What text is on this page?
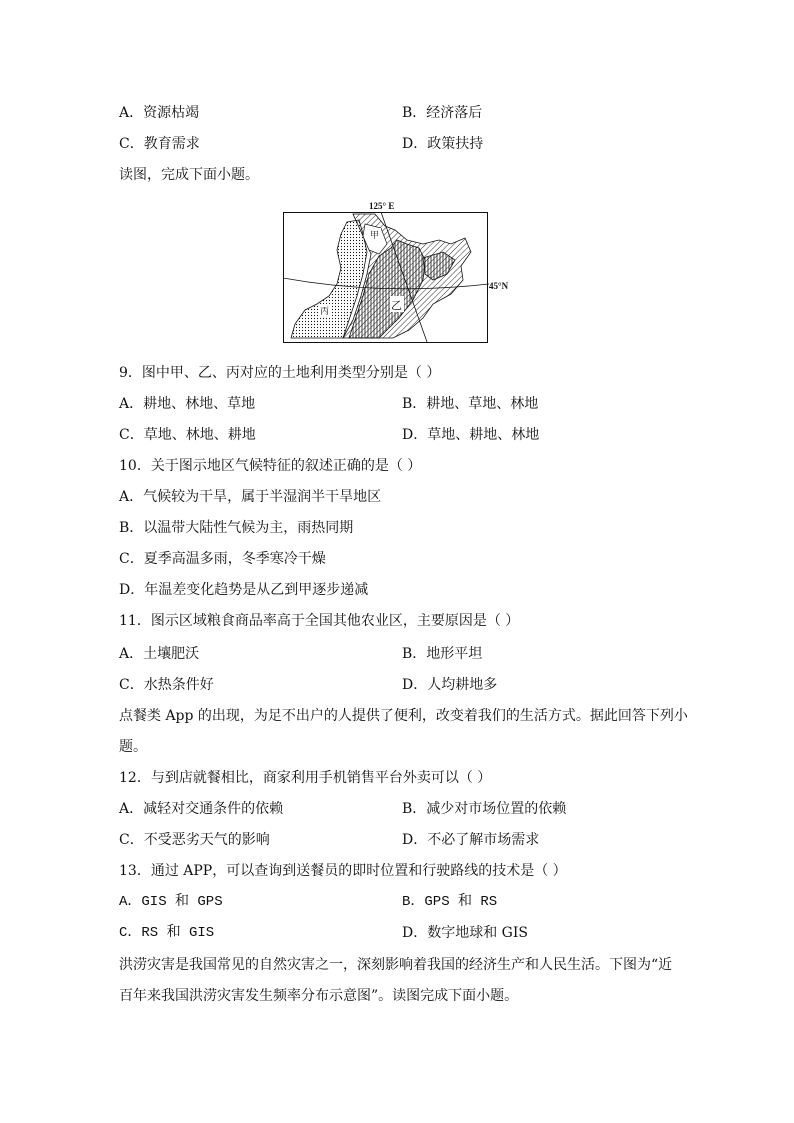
A．资源枯竭	B．经济落后
C．教育需求	D．政策扶持
读图，完成下面小题。
125° E
甲
乙
丙
45°N
9．图中甲、乙、丙对应的土地利用类型分别是（ ）
A．耕地、林地、草地	B．耕地、草地、林地
C．草地、林地、耕地	D．草地、耕地、林地
10．关于图示地区气候特征的叙述正确的是（ ）
A．气候较为干旱，属于半湿润半干旱地区
B．以温带大陆性气候为主，雨热同期
C．夏季高温多雨，冬季寒冷干燥
D．年温差变化趋势是从乙到甲逐步递减
11．图示区域粮食商品率高于全国其他农业区，主要原因是（ ）
A．土壤肥沃	B．地形平坦
C．水热条件好	D．人均耕地多
点餐类 App 的出现，为足不出户的人提供了便利，改变着我们的生活方式。据此回答下列小
题。
12．与到店就餐相比，商家利用手机销售平台外卖可以（ ）
A．减轻对交通条件的依赖	B．减少对市场位置的依赖
C．不受恶劣天气的影响	D．不必了解市场需求
13．通过 APP，可以查询到送餐员的即时位置和行驶路线的技术是（ ）
A．GIS 和 GPS	B．GPS 和 RS
C．RS 和 GIS	D．数字地球和 GIS
洪涝灾害是我国常见的自然灾害之一，深刻影响着我国的经济生产和人民生活。下图为“近
百年来我国洪涝灾害发生频率分布示意图”。读图完成下面小题。
